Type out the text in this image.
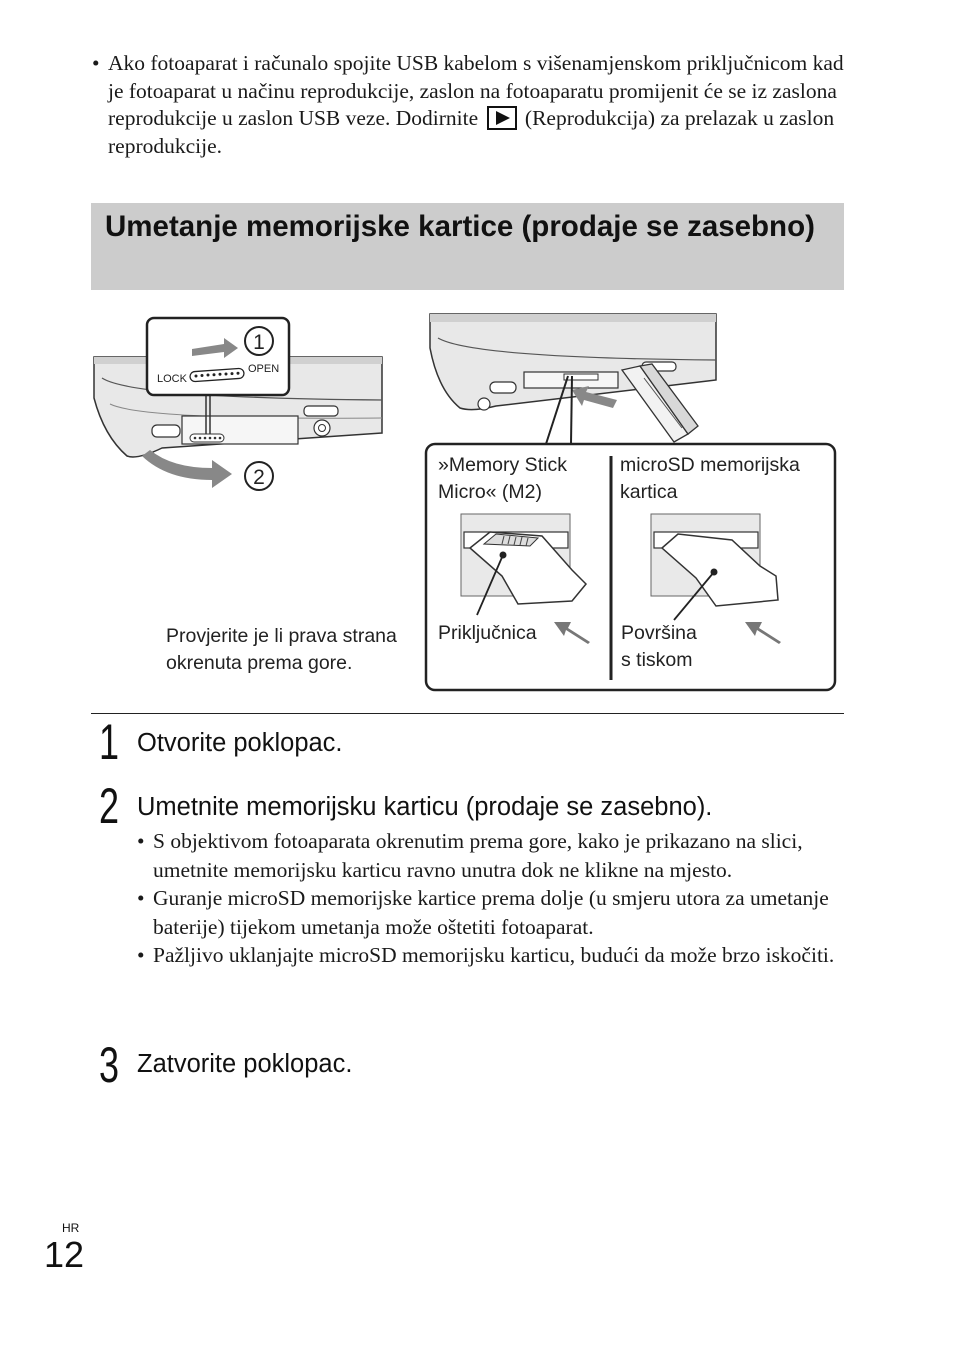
• Ako fotoaparat i računalo spojite USB kabelom s višenamjenskom priključnicom kad je fotoaparat u načinu reprodukcije, zaslon na fotoaparatu promijenit će se iz zaslona reprodukcije u zaslon USB veze. Dodirnite (Reprodukcija) za prelazak u zaslon reprodukcije.
Umetanje memorijske kartice (prodaje se zasebno)
1
LOCK
OPEN
2
Provjerite je li prava strana
okrenuta prema gore.
»Memory Stick
Micro« (M2)
Priključnica
microSD memorijska
kartica
Površina
s tiskom
1 Otvorite poklopac.
2 Umetnite memorijsku karticu (prodaje se zasebno).
• S objektivom fotoaparata okrenutim prema gore, kako je prikazano na slici, umetnite memorijsku karticu ravno unutra dok ne klikne na mjesto.
• Guranje microSD memorijske kartice prema dolje (u smjeru utora za umetanje baterije) tijekom umetanja može oštetiti fotoaparat.
• Pažljivo uklanjajte microSD memorijsku karticu, budući da može brzo iskočiti.
3 Zatvorite poklopac.
HR
12
